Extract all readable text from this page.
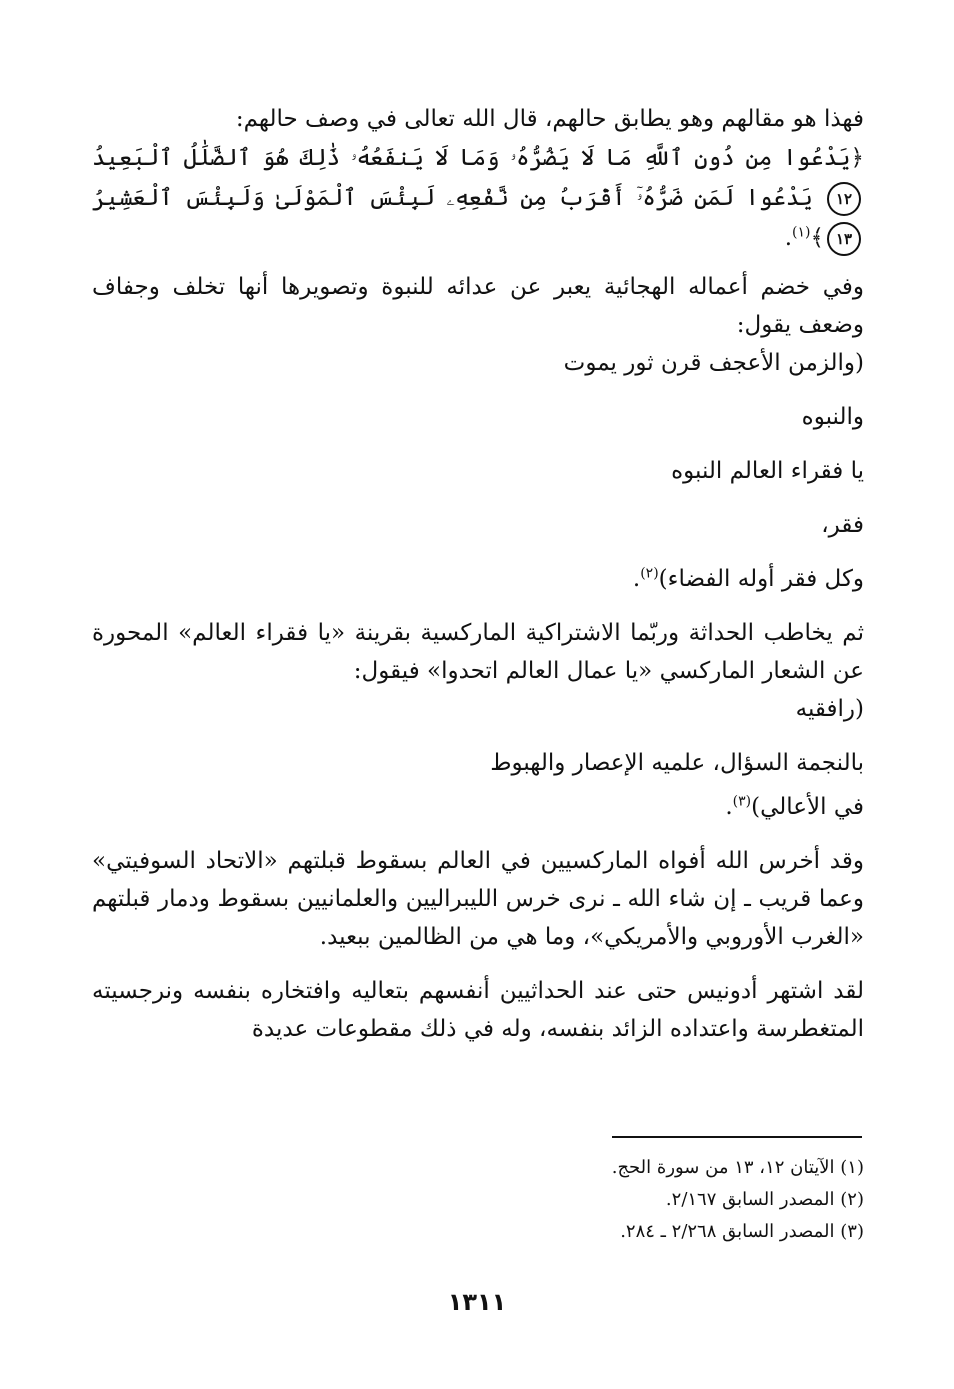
فهذا هو مقالهم وهو يطابق حالهم، قال الله تعالى في وصف حالهم:

﴿يَدْعُوا مِن دُونِ ٱللَّهِ مَا لَا يَضُرُّهُۥ وَمَا لَا يَنفَعُهُۥ ذَٰلِكَ هُوَ ٱلضَّلَٰلُ ٱلْبَعِيدُ ١٢ يَدْعُوا لَمَن ضَرُّهُۥٓ أَقْرَبُ مِن نَّفْعِهِۦ لَبِئْسَ ٱلْمَوْلَىٰ وَلَبِئْسَ ٱلْعَشِيرُ ١٣﴾$^{(١)}$.

وفي خضم أعماله الهجائية يعبر عن عدائه للنبوة وتصويرها أنها تخلف وجفاف وضعف يقول:

(والزمن الأعجف قرن ثور يموت
والنبوه
يا فقراء العالم النبوه
فقر،
وكل فقر أوله الفضاء)$^{(٢)}$.

ثم يخاطب الحداثة وربّما الاشتراكية الماركسية بقرينة «يا فقراء العالم» المحورة عن الشعار الماركسي «يا عمال العالم اتحدوا» فيقول:

(رافقيه
بالنجمة السؤال، علميه الإعصار والهبوط
في الأعالي)$^{(٣)}$.

وقد أخرس الله أفواه الماركسيين في العالم بسقوط قبلتهم «الاتحاد السوفيتي» وعما قريب ـ إن شاء الله ـ نرى خرس الليبراليين والعلمانيين بسقوط ودمار قبلتهم «الغرب الأوروبي والأمريكي»، وما هي من الظالمين ببعيد.

لقد اشتهر أدونيس حتى عند الحداثيين أنفسهم بتعاليه وافتخاره بنفسه ونرجسيته المتغطرسة واعتداده الزائد بنفسه، وله في ذلك مقطوعات عديدة

(١) الآيتان ١٢، ١٣ من سورة الحج.
(٢) المصدر السابق ٢/١٦٧.
(٣) المصدر السابق ٢/٢٦٨ ـ ٢٨٤.
١٣١١
